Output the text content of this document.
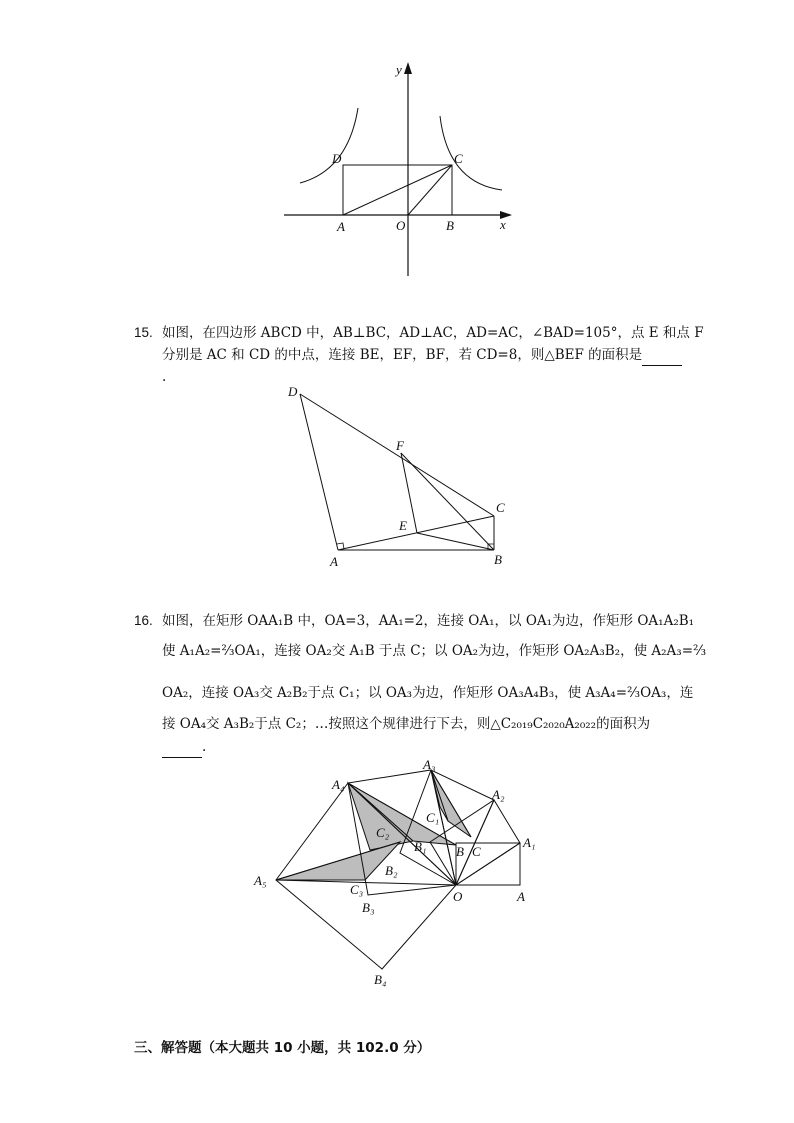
y
x
D	C
A	O	B
15. 如图，在四边形 ABCD 中，AB⊥BC，AD⊥AC，AD=AC，∠BAD=105°，点 E 和点 F
分别是 AC 和 CD 的中点，连接 BE，EF，BF，若 CD=8，则△BEF 的面积是
.
D
F
C
E
A	B
16. 如图，在矩形 OAA₁B 中，OA=3，AA₁=2，连接 OA₁，以 OA₁为边，作矩形 OA₁A₂B₁
使 A₁A₂=⅔OA₁，连接 OA₂交 A₁B 于点 C；以 OA₂为边，作矩形 OA₂A₃B₂，使 A₂A₃=⅔
OA₂，连接 OA₃交 A₂B₂于点 C₁；以 OA₃为边，作矩形 OA₃A₄B₃，使 A₃A₄=⅔OA₃，连
接 OA₄交 A₃B₂于点 C₂；…按照这个规律进行下去，则△C₂₀₁₉C₂₀₂₀A₂₀₂₂的面积为
.
A₃
A₄
A₂
A₁
A₅
A
B₄
B₃
B₂
B₁ B C
C₁
C₂
C₃	O
三、解答题（本大题共 10 小题，共 102.0 分）
